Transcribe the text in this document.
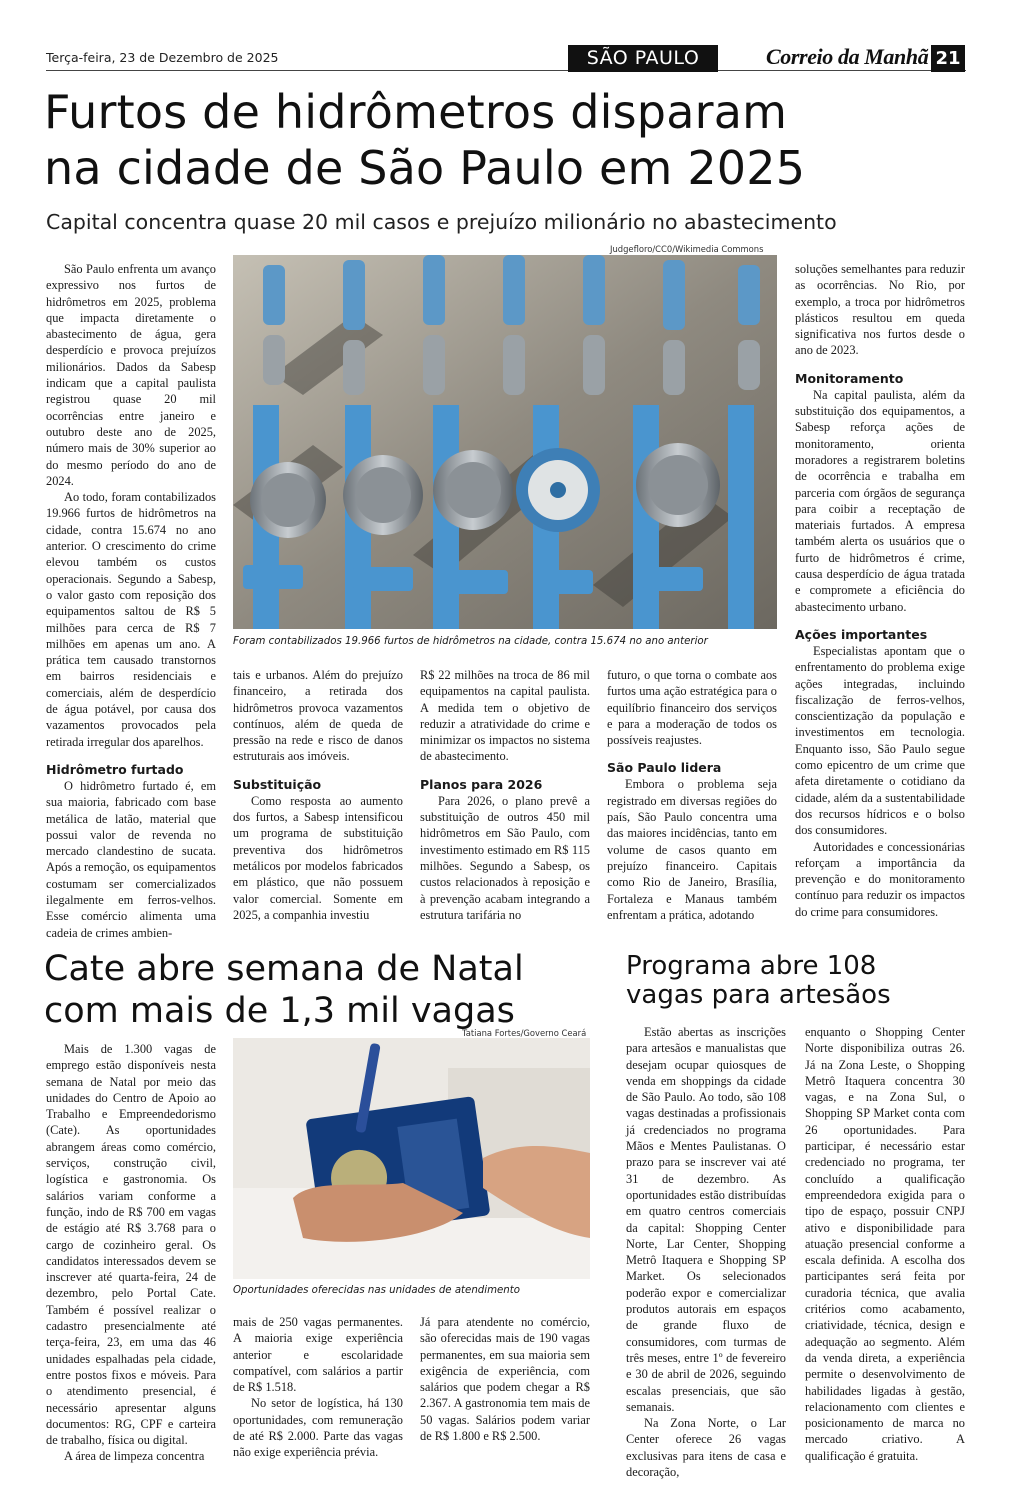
Terça-feira, 23 de Dezembro de 2025	SÃO PAULO	Correio da Manhã 21
Furtos de hidrômetros disparam
na cidade de São Paulo em 2025
Capital concentra quase 20 mil casos e prejuízo milionário no abastecimento
Judgefloro/CC0/Wikimedia Commons
Foram contabilizados 19.966 furtos de hidrômetros na cidade, contra 15.674 no ano anterior

São Paulo enfrenta um avanço expressivo nos furtos de hidrômetros em 2025, problema que impacta diretamente o abastecimento de água, gera desperdício e provoca prejuízos milionários. Dados da Sabesp indicam que a capital paulista registrou quase 20 mil ocorrências entre janeiro e outubro deste ano de 2025, número mais de 30% superior ao do mesmo período do ano de 2024.

Ao todo, foram contabilizados 19.966 furtos de hidrômetros na cidade, contra 15.674 no ano anterior. O crescimento do crime elevou também os custos operacionais. Segundo a Sabesp, o valor gasto com reposição dos equipamentos saltou de R$ 5 milhões para cerca de R$ 7 milhões em apenas um ano. A prática tem causado transtornos em bairros residenciais e comerciais, além de desperdício de água potável, por causa dos vazamentos provocados pela retirada irregular dos aparelhos.

Hidrômetro furtado

O hidrômetro furtado é, em sua maioria, fabricado com base metálica de latão, material que possui valor de revenda no mercado clandestino de sucata. Após a remoção, os equipamentos costumam ser comercializados ilegalmente em ferros-velhos. Esse comércio alimenta uma cadeia de crimes ambien-

tais e urbanos. Além do prejuízo financeiro, a retirada dos hidrômetros provoca vazamentos contínuos, além de queda de pressão na rede e risco de danos estruturais aos imóveis.

Substituição

Como resposta ao aumento dos furtos, a Sabesp intensificou um programa de substituição preventiva dos hidrômetros metálicos por modelos fabricados em plástico, que não possuem valor comercial. Somente em 2025, a companhia investiu

R$ 22 milhões na troca de 86 mil equipamentos na capital paulista. A medida tem o objetivo de reduzir a atratividade do crime e minimizar os impactos no sistema de abastecimento.

Planos para 2026

Para 2026, o plano prevê a substituição de outros 450 mil hidrômetros em São Paulo, com investimento estimado em R$ 115 milhões. Segundo a Sabesp, os custos relacionados à reposição e à prevenção acabam integrando a estrutura tarifária no

futuro, o que torna o combate aos furtos uma ação estratégica para o equilíbrio financeiro dos serviços e para a moderação de todos os possíveis reajustes.

São Paulo lidera

Embora o problema seja registrado em diversas regiões do país, São Paulo concentra uma das maiores incidências, tanto em volume de casos quanto em prejuízo financeiro. Capitais como Rio de Janeiro, Brasília, Fortaleza e Manaus também enfrentam a prática, adotando

soluções semelhantes para reduzir as ocorrências. No Rio, por exemplo, a troca por hidrômetros plásticos resultou em queda significativa nos furtos desde o ano de 2023.

Monitoramento

Na capital paulista, além da substituição dos equipamentos, a Sabesp reforça ações de monitoramento, orienta moradores a registrarem boletins de ocorrência e trabalha em parceria com órgãos de segurança para coibir a receptação de materiais furtados. A empresa também alerta os usuários que o furto de hidrômetros é crime, causa desperdício de água tratada e compromete a eficiência do abastecimento urbano.

Ações importantes

Especialistas apontam que o enfrentamento do problema exige ações integradas, incluindo fiscalização de ferros-velhos, conscientização da população e investimentos em tecnologia. Enquanto isso, São Paulo segue como epicentro de um crime que afeta diretamente o cotidiano da cidade, além da a sustentabilidade dos recursos hídricos e o bolso dos consumidores.

Autoridades e concessionárias reforçam a importância da prevenção e do monitoramento contínuo para reduzir os impactos do crime para consumidores.

Cate abre semana de Natal
com mais de 1,3 mil vagas
Tatiana Fortes/Governo Ceará
Oportunidades oferecidas nas unidades de atendimento

Mais de 1.300 vagas de emprego estão disponíveis nesta semana de Natal por meio das unidades do Centro de Apoio ao Trabalho e Empreendedorismo (Cate). As oportunidades abrangem áreas como comércio, serviços, construção civil, logística e gastronomia. Os salários variam conforme a função, indo de R$ 700 em vagas de estágio até R$ 3.768 para o cargo de cozinheiro geral. Os candidatos interessados devem se inscrever até quarta-feira, 24 de dezembro, pelo Portal Cate. Também é possível realizar o cadastro presencialmente até terça-feira, 23, em uma das 46 unidades espalhadas pela cidade, entre postos fixos e móveis. Para o atendimento presencial, é necessário apresentar alguns documentos: RG, CPF e carteira de trabalho, física ou digital.

A área de limpeza concentra

mais de 250 vagas permanentes. A maioria exige experiência anterior e escolaridade compatível, com salários a partir de R$ 1.518.

No setor de logística, há 130 oportunidades, com remuneração de até R$ 2.000. Parte das vagas não exige experiência prévia.

Já para atendente no comércio, são oferecidas mais de 190 vagas permanentes, em sua maioria sem exigência de experiência, com salários que podem chegar a R$ 2.367. A gastronomia tem mais de 50 vagas. Salários podem variar de R$ 1.800 e R$ 2.500.

Programa abre 108
vagas para artesãos

Estão abertas as inscrições para artesãos e manualistas que desejam ocupar quiosques de venda em shoppings da cidade de São Paulo. Ao todo, são 108 vagas destinadas a profissionais já credenciados no programa Mãos e Mentes Paulistanas. O prazo para se inscrever vai até 31 de dezembro. As oportunidades estão distribuídas em quatro centros comerciais da capital: Shopping Center Norte, Lar Center, Shopping Metrô Itaquera e Shopping SP Market. Os selecionados poderão expor e comercializar produtos autorais em espaços de grande fluxo de consumidores, com turmas de três meses, entre 1º de fevereiro e 30 de abril de 2026, seguindo escalas presenciais, que são semanais.

Na Zona Norte, o Lar Center oferece 26 vagas exclusivas para itens de casa e decoração,

enquanto o Shopping Center Norte disponibiliza outras 26. Já na Zona Leste, o Shopping Metrô Itaquera concentra 30 vagas, e na Zona Sul, o Shopping SP Market conta com 26 oportunidades. Para participar, é necessário estar credenciado no programa, ter concluído a qualificação empreendedora exigida para o tipo de espaço, possuir CNPJ ativo e disponibilidade para atuação presencial conforme a escala definida. A escolha dos participantes será feita por curadoria técnica, que avalia critérios como acabamento, criatividade, técnica, design e adequação ao segmento. Além da venda direta, a experiência permite o desenvolvimento de habilidades ligadas à gestão, relacionamento com clientes e posicionamento de marca no mercado criativo. A qualificação é gratuita.
